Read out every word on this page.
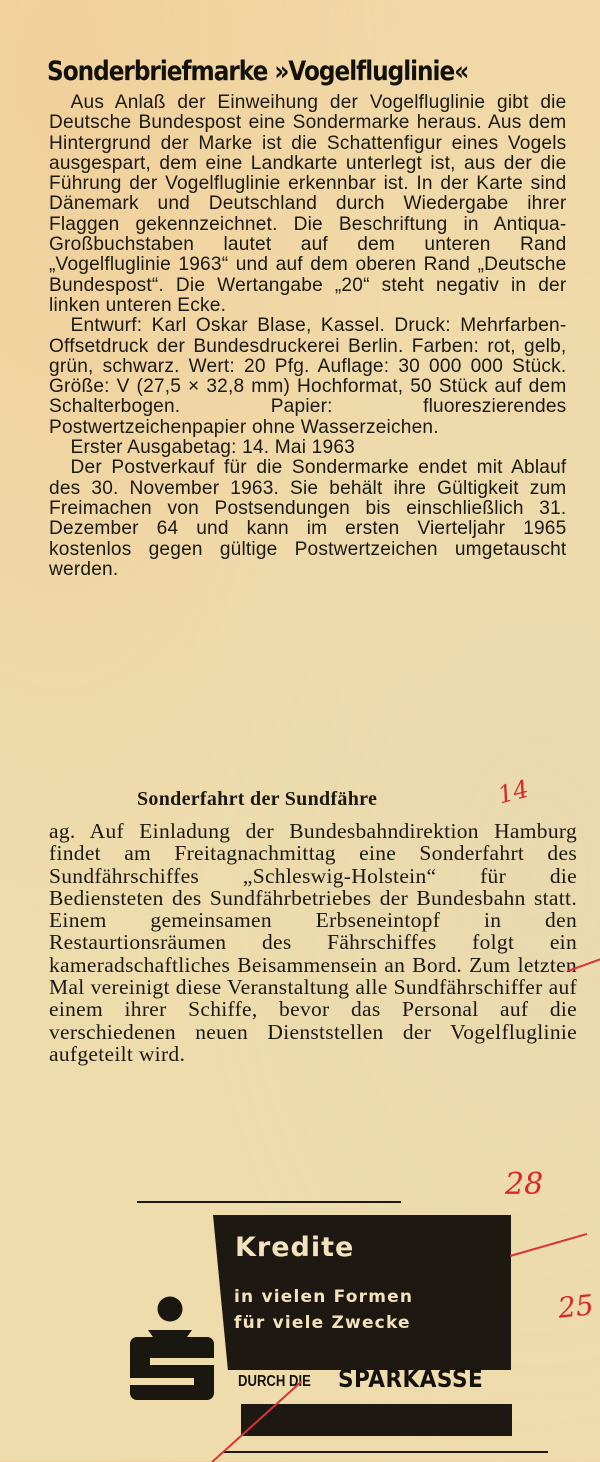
Sonderbriefmarke »Vogelfluglinie«

Aus Anlaß der Einweihung der Vogelfluglinie gibt die Deutsche Bundespost eine Sondermarke heraus. Aus dem Hintergrund der Marke ist die Schattenfigur eines Vogels ausgespart, dem eine Landkarte unterlegt ist, aus der die Führung der Vogelfluglinie erkennbar ist. In der Karte sind Dänemark und Deutschland durch Wiedergabe ihrer Flaggen gekennzeichnet. Die Beschriftung in Antiqua-Großbuchstaben lautet auf dem unteren Rand „Vogelfluglinie 1963“ und auf dem oberen Rand „Deutsche Bundespost“. Die Wertangabe „20“ steht negativ in der linken unteren Ecke.

Entwurf: Karl Oskar Blase, Kassel. Druck: Mehrfarben-Offsetdruck der Bundesdruckerei Berlin. Farben: rot, gelb, grün, schwarz. Wert: 20 Pfg. Auflage: 30 000 000 Stück. Größe: V (27,5 × 32,8 mm) Hochformat, 50 Stück auf dem Schalterbogen. Papier: fluoreszierendes Postwertzeichenpapier ohne Wasserzeichen.

Erster Ausgabetag: 14. Mai 1963

Der Postverkauf für die Sondermarke endet mit Ablauf des 30. November 1963. Sie behält ihre Gültigkeit zum Freimachen von Postsendungen bis einschließlich 31. Dezember 64 und kann im ersten Vierteljahr 1965 kostenlos gegen gültige Postwertzeichen umgetauscht werden.

Sonderfahrt der Sundfähre

ag. Auf Einladung der Bundesbahndirektion Hamburg findet am Freitagnachmittag eine Sonderfahrt des Sundfährschiffes „Schleswig-Holstein“ für die Bediensteten des Sundfährbetriebes der Bundesbahn statt. Einem gemeinsamen Erbseneintopf in den Restaurtionsräumen des Fährschiffes folgt ein kameradschaftliches Beisammensein an Bord. Zum letzten Mal vereinigt diese Veranstaltung alle Sundfährschiffer auf einem ihrer Schiffe, bevor das Personal auf die verschiedenen neuen Dienststellen der Vogelfluglinie aufgeteilt wird.

Kredite
in vielen Formen
für viele Zwecke
DURCH DIE SPARKASSE
14
28
25
